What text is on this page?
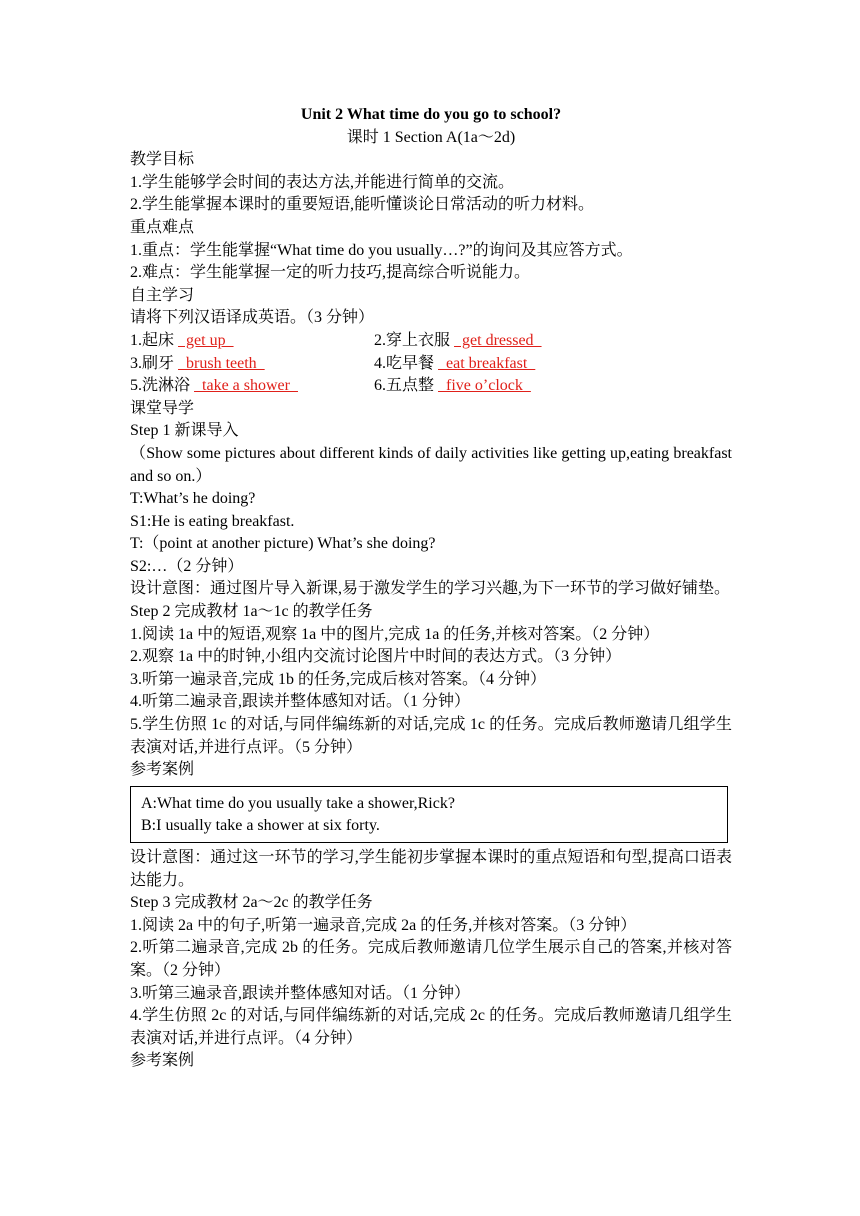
Unit 2 What time do you go to school?
课时 1 Section A(1a～2d)
教学目标
1.学生能够学会时间的表达方法,并能进行简单的交流。
2.学生能掌握本课时的重要短语,能听懂谈论日常活动的听力材料。
重点难点
1.重点：学生能掌握“What time do you usually…?”的询问及其应答方式。
2.难点：学生能掌握一定的听力技巧,提高综合听说能力。
自主学习
请将下列汉语译成英语。（3 分钟）
1.起床   get up	2.穿上衣服   get dressed
3.刷牙   brush teeth	4.吃早餐   eat breakfast
5.洗淋浴   take a shower	6.五点整   five o’clock
课堂导学
Step 1 新课导入
（Show some pictures about different kinds of daily activities like getting up,eating breakfast and so on.）
T:What’s he doing?
S1:He is eating breakfast.
T:（point at another picture) What’s she doing?
S2:…（2 分钟）
设计意图：通过图片导入新课,易于激发学生的学习兴趣,为下一环节的学习做好铺垫。
Step 2 完成教材 1a～1c 的教学任务
1.阅读 1a 中的短语,观察 1a 中的图片,完成 1a 的任务,并核对答案。（2 分钟）
2.观察 1a 中的时钟,小组内交流讨论图片中时间的表达方式。（3 分钟）
3.听第一遍录音,完成 1b 的任务,完成后核对答案。（4 分钟）
4.听第二遍录音,跟读并整体感知对话。（1 分钟）
5.学生仿照 1c 的对话,与同伴编练新的对话,完成 1c 的任务。完成后教师邀请几组学生表演对话,并进行点评。（5 分钟）
参考案例
A:What time do you usually take a shower,Rick?
B:I usually take a shower at six forty.
设计意图：通过这一环节的学习,学生能初步掌握本课时的重点短语和句型,提高口语表达能力。
Step 3 完成教材 2a～2c 的教学任务
1.阅读 2a 中的句子,听第一遍录音,完成 2a 的任务,并核对答案。（3 分钟）
2.听第二遍录音,完成 2b 的任务。完成后教师邀请几位学生展示自己的答案,并核对答案。（2 分钟）
3.听第三遍录音,跟读并整体感知对话。（1 分钟）
4.学生仿照 2c 的对话,与同伴编练新的对话,完成 2c 的任务。完成后教师邀请几组学生表演对话,并进行点评。（4 分钟）
参考案例
